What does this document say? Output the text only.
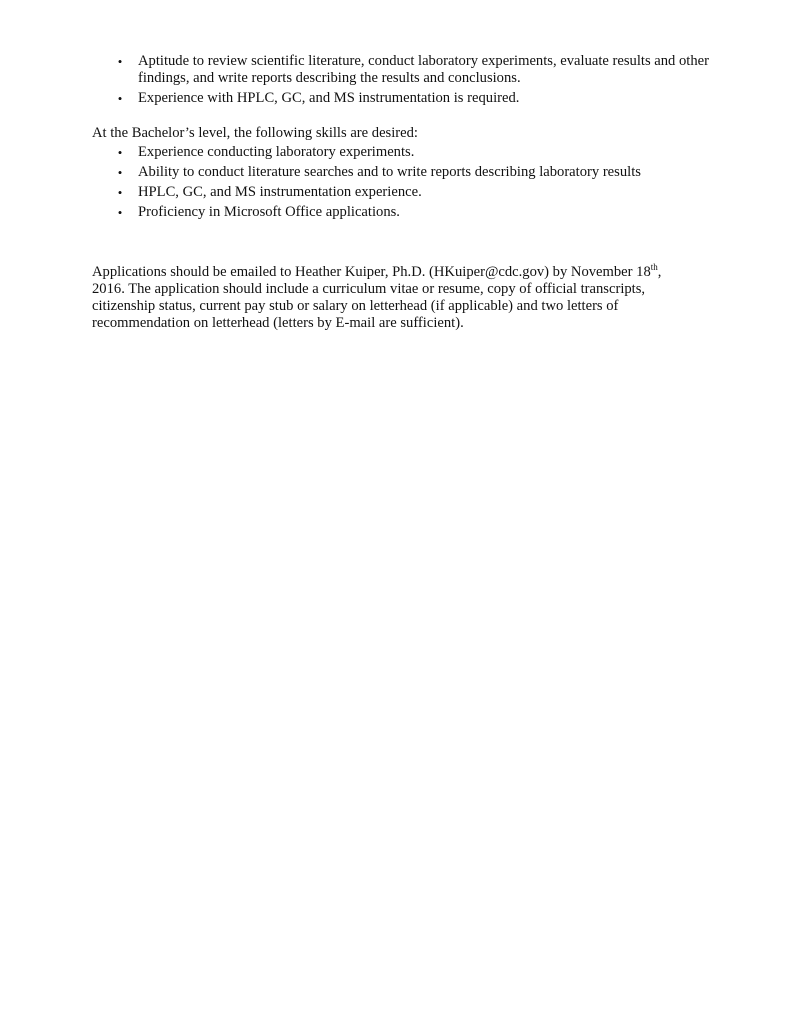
•	Aptitude to review scientific literature, conduct laboratory experiments, evaluate results and other findings, and write reports describing the results and conclusions.
•	Experience with HPLC, GC, and MS instrumentation is required.

At the Bachelor’s level, the following skills are desired:

•	Experience conducting laboratory experiments.
•	Ability to conduct literature searches and to write reports describing laboratory results
•	HPLC, GC, and MS instrumentation experience.
•	Proficiency in Microsoft Office applications.

Applications should be emailed to Heather Kuiper, Ph.D. (HKuiper@cdc.gov) by November 18th, 2016. The application should include a curriculum vitae or resume, copy of official transcripts, citizenship status, current pay stub or salary on letterhead (if applicable) and two letters of recommendation on letterhead (letters by E-mail are sufficient).
